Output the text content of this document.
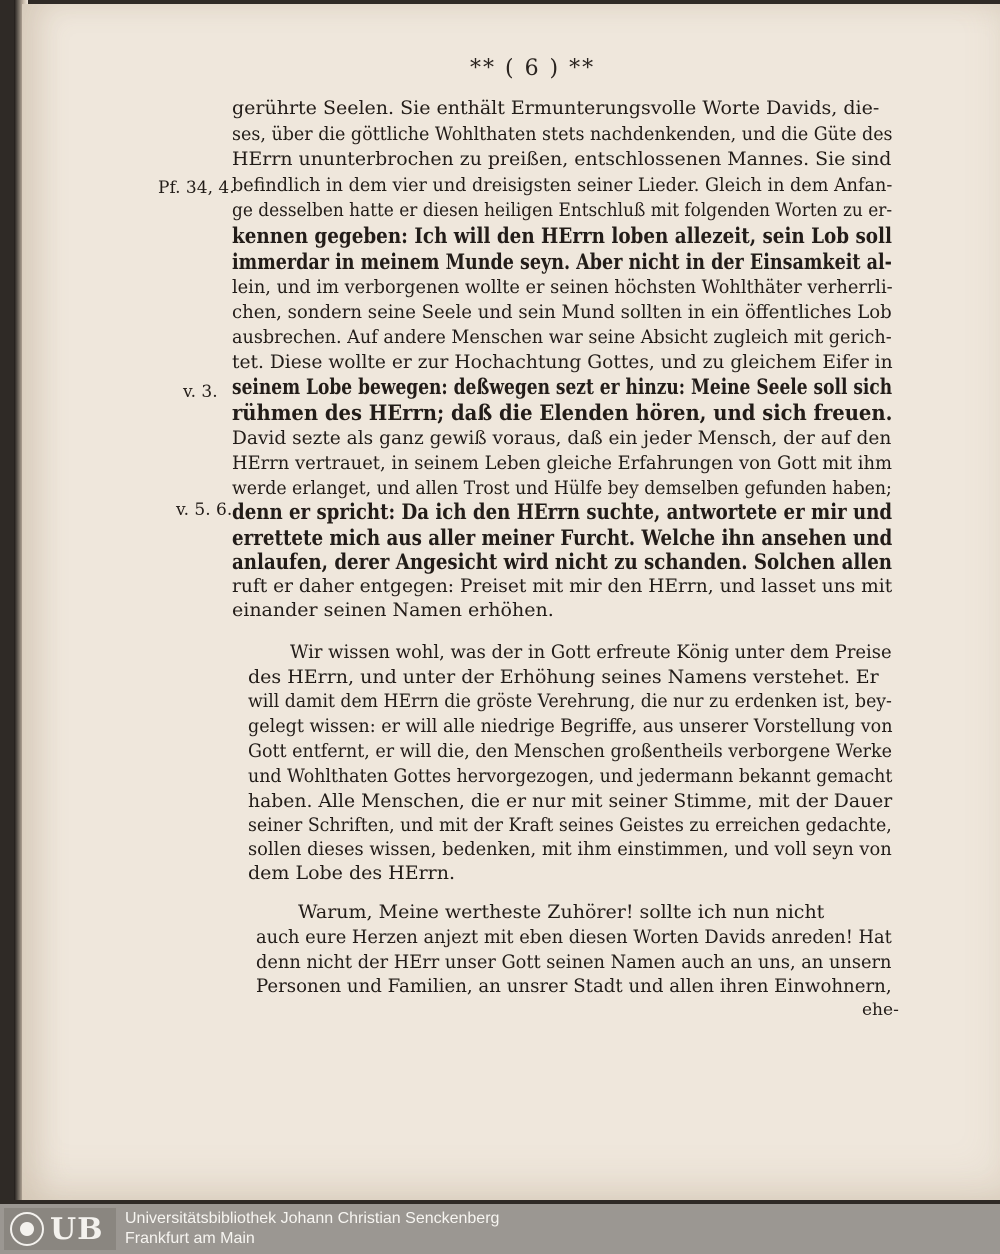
** ( 6 ) **
gerührte Seelen. Sie enthält Ermunterungsvolle Worte Davids, die-
ses, über die göttliche Wohlthaten stets nachdenkenden, und die Güte des
HErrn ununterbrochen zu preißen, entschlossenen Mannes. Sie sind
befindlich in dem vier und dreisigsten seiner Lieder. Gleich in dem Anfan-
ge desselben hatte er diesen heiligen Entschluß mit folgenden Worten zu er-
kennen gegeben: Ich will den HErrn loben allezeit, sein Lob soll
immerdar in meinem Munde seyn. Aber nicht in der Einsamkeit al-
lein, und im verborgenen wollte er seinen höchsten Wohlthäter verherrli-
chen, sondern seine Seele und sein Mund sollten in ein öffentliches Lob
ausbrechen. Auf andere Menschen war seine Absicht zugleich mit gerich-
tet. Diese wollte er zur Hochachtung Gottes, und zu gleichem Eifer in
seinem Lobe bewegen: deßwegen sezt er hinzu: Meine Seele soll sich
rühmen des HErrn; daß die Elenden hören, und sich freuen.
David sezte als ganz gewiß voraus, daß ein jeder Mensch, der auf den
HErrn vertrauet, in seinem Leben gleiche Erfahrungen von Gott mit ihm
werde erlanget, und allen Trost und Hülfe bey demselben gefunden haben;
denn er spricht: Da ich den HErrn suchte, antwortete er mir und
errettete mich aus aller meiner Furcht. Welche ihn ansehen und
anlaufen, derer Angesicht wird nicht zu schanden. Solchen allen
ruft er daher entgegen: Preiset mit mir den HErrn, und lasset uns mit
einander seinen Namen erhöhen.
Wir wissen wohl, was der in Gott erfreute König unter dem Preise
des HErrn, und unter der Erhöhung seines Namens verstehet. Er
will damit dem HErrn die gröste Verehrung, die nur zu erdenken ist, bey-
gelegt wissen: er will alle niedrige Begriffe, aus unserer Vorstellung von
Gott entfernt, er will die, den Menschen großentheils verborgene Werke
und Wohlthaten Gottes hervorgezogen, und jedermann bekannt gemacht
haben. Alle Menschen, die er nur mit seiner Stimme, mit der Dauer
seiner Schriften, und mit der Kraft seines Geistes zu erreichen gedachte,
sollen dieses wissen, bedenken, mit ihm einstimmen, und voll seyn von
dem Lobe des HErrn.
Warum, Meine wertheste Zuhörer! sollte ich nun nicht
auch eure Herzen anjezt mit eben diesen Worten Davids anreden! Hat
denn nicht der HErr unser Gott seinen Namen auch an uns, an unsern
Personen und Familien, an unsrer Stadt und allen ihren Einwohnern,
ehe-
Pf. 34, 4.
v. 3.
v. 5. 6.
UB Universitätsbibliothek Johann Christian Senckenberg
Frankfurt am Main
